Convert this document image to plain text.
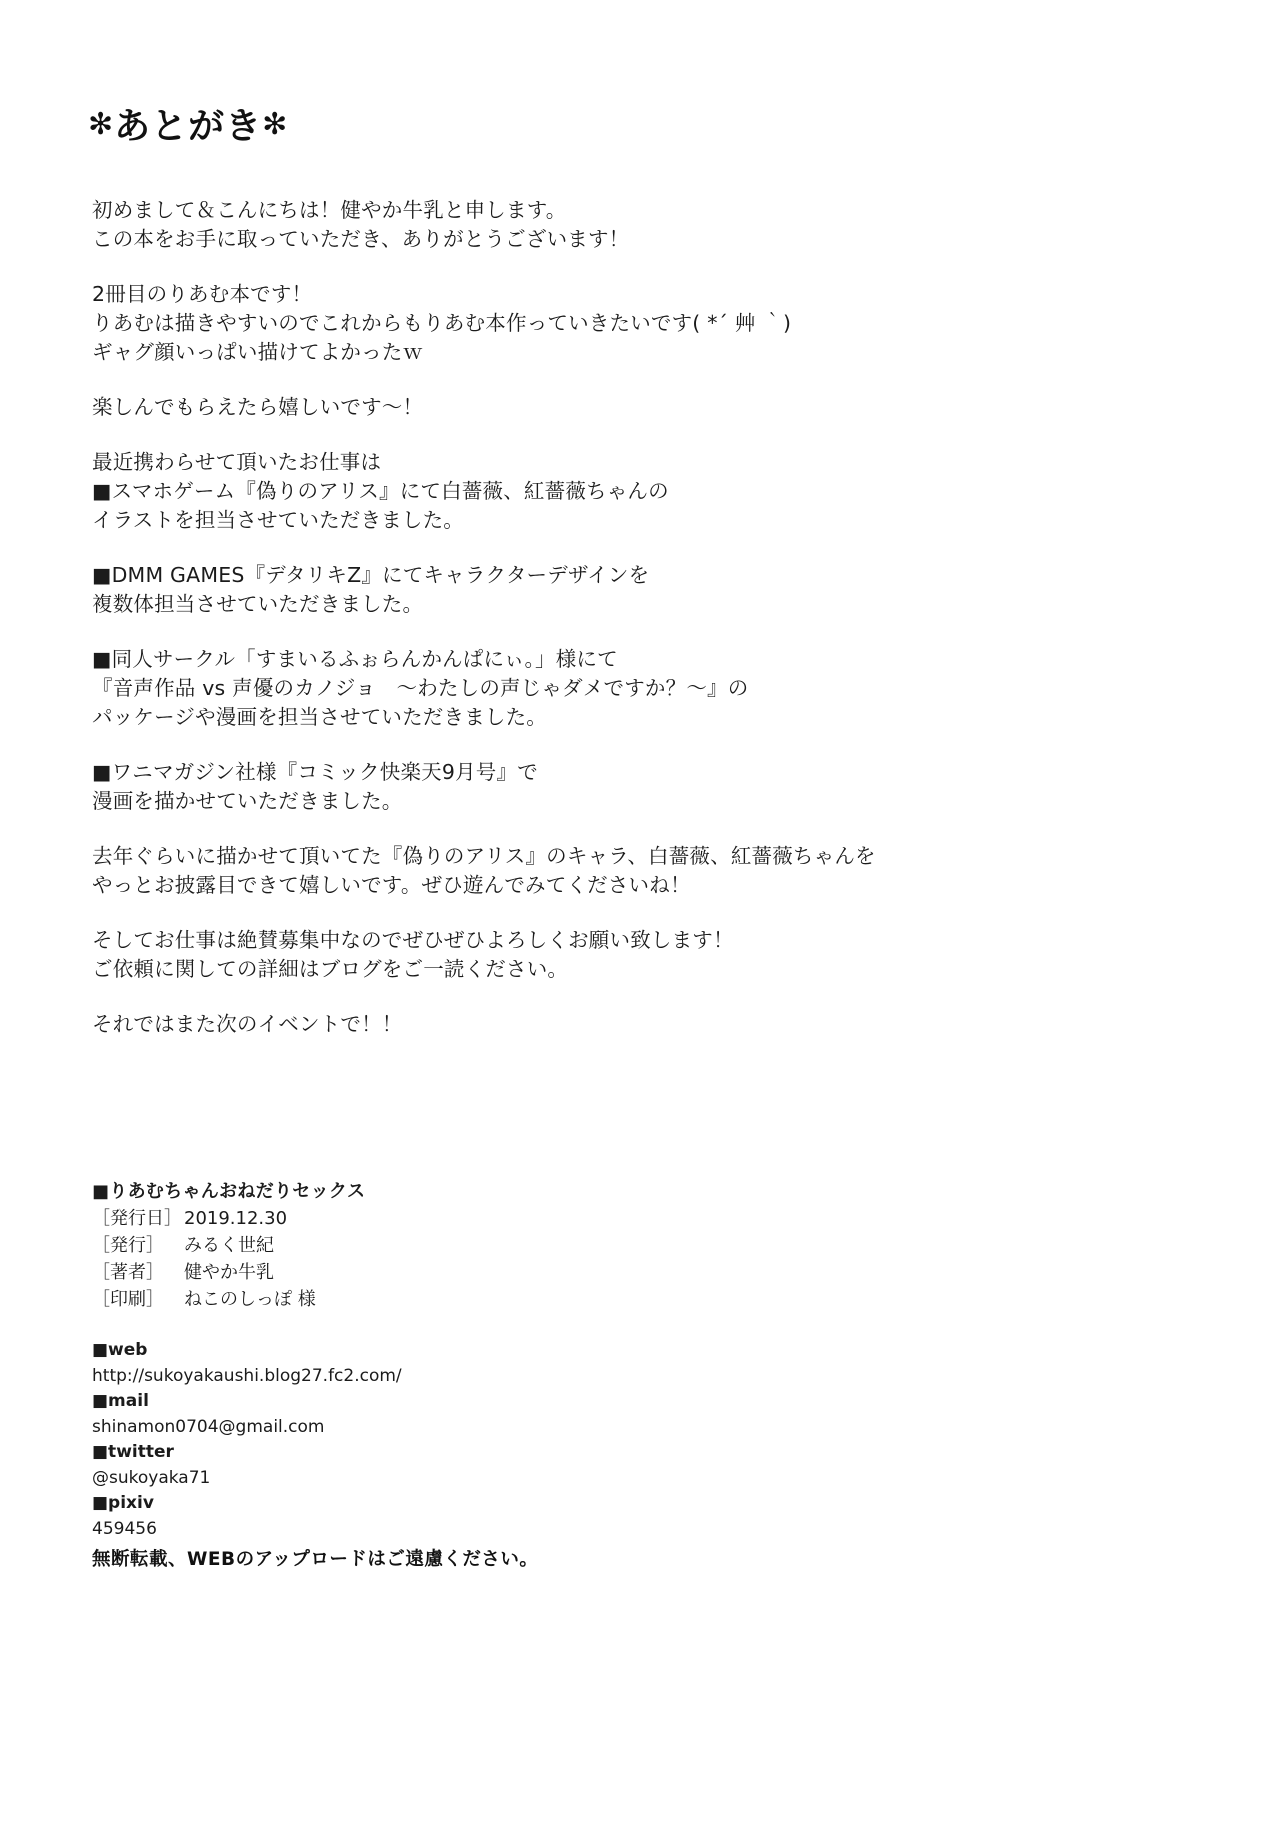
✻あとがき✻
初めまして＆こんにちは！健やか牛乳と申します。
この本をお手に取っていただき、ありがとうございます！
2冊目のりあむ本です！
りあむは描きやすいのでこれからもりあむ本作っていきたいです( *´ 艸 ｀)
ギャグ顔いっぱい描けてよかったｗ
楽しんでもらえたら嬉しいです〜！
最近携わらせて頂いたお仕事は
■スマホゲーム『偽りのアリス』にて白薔薇、紅薔薇ちゃんの
イラストを担当させていただきました。
■DMM GAMES『デタリキZ』にてキャラクターデザインを
複数体担当させていただきました。
■同人サークル「すまいるふぉらんかんぱにぃ。」様にて
『音声作品 vs 声優のカノジョ　〜わたしの声じゃダメですか？〜』の
パッケージや漫画を担当させていただきました。
■ワニマガジン社様『コミック快楽天9月号』で
漫画を描かせていただきました。
去年ぐらいに描かせて頂いてた『偽りのアリス』のキャラ、白薔薇、紅薔薇ちゃんを
やっとお披露目できて嬉しいです。ぜひ遊んでみてくださいね！
そしてお仕事は絶賛募集中なのでぜひぜひよろしくお願い致します！
ご依頼に関しての詳細はブログをご一読ください。
それではまた次のイベントで！！
■りあむちゃんおねだりセックス
［発行日］ 2019.12.30
［発行］ みるく世紀
［著者］ 健やか牛乳
［印刷］ ねこのしっぽ 様
■web
http://sukoyakaushi.blog27.fc2.com/
■mail
shinamon0704@gmail.com
■twitter
@sukoyaka71
■pixiv
459456
無断転載、WEBのアップロードはご遠慮ください。
